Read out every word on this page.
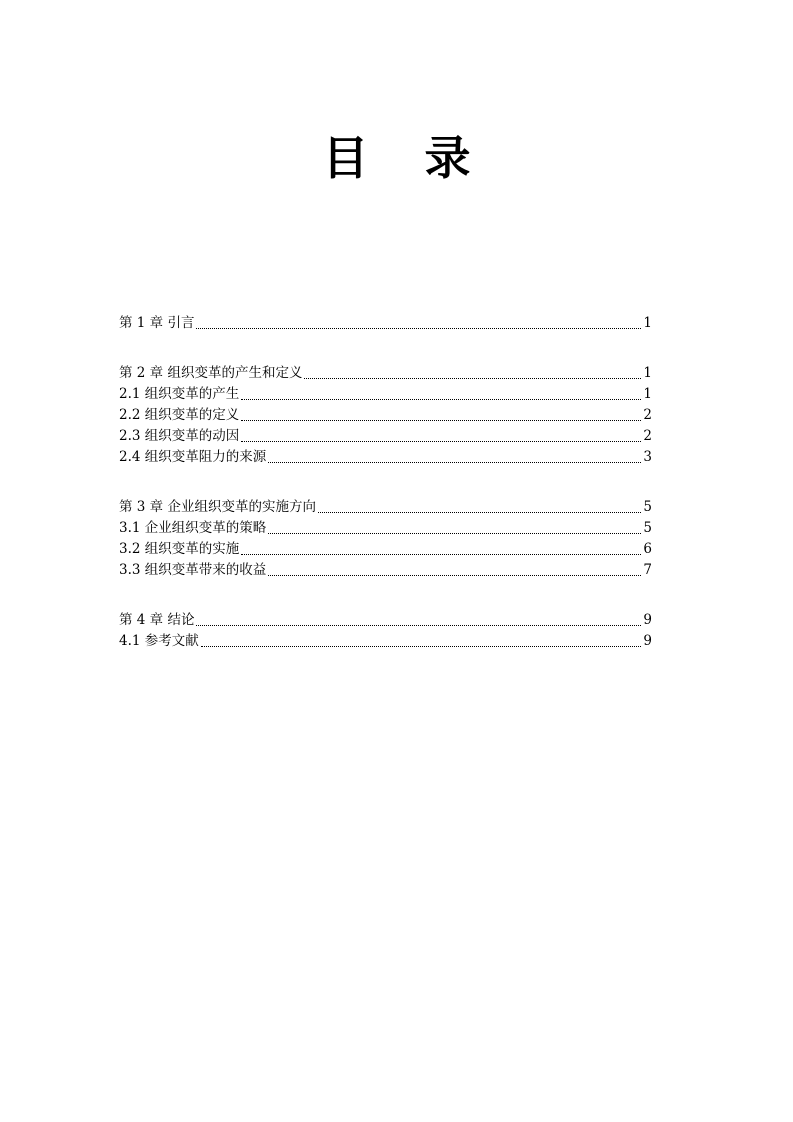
目 录
第 1 章 引言	1
第 2 章 组织变革的产生和定义	1
2.1 组织变革的产生	1
2.2 组织变革的定义	2
2.3 组织变革的动因	2
2.4 组织变革阻力的来源	3
第 3 章 企业组织变革的实施方向	5
3.1 企业组织变革的策略	5
3.2 组织变革的实施	6
3.3 组织变革带来的收益	7
第 4 章 结论	9
4.1 参考文献	9
